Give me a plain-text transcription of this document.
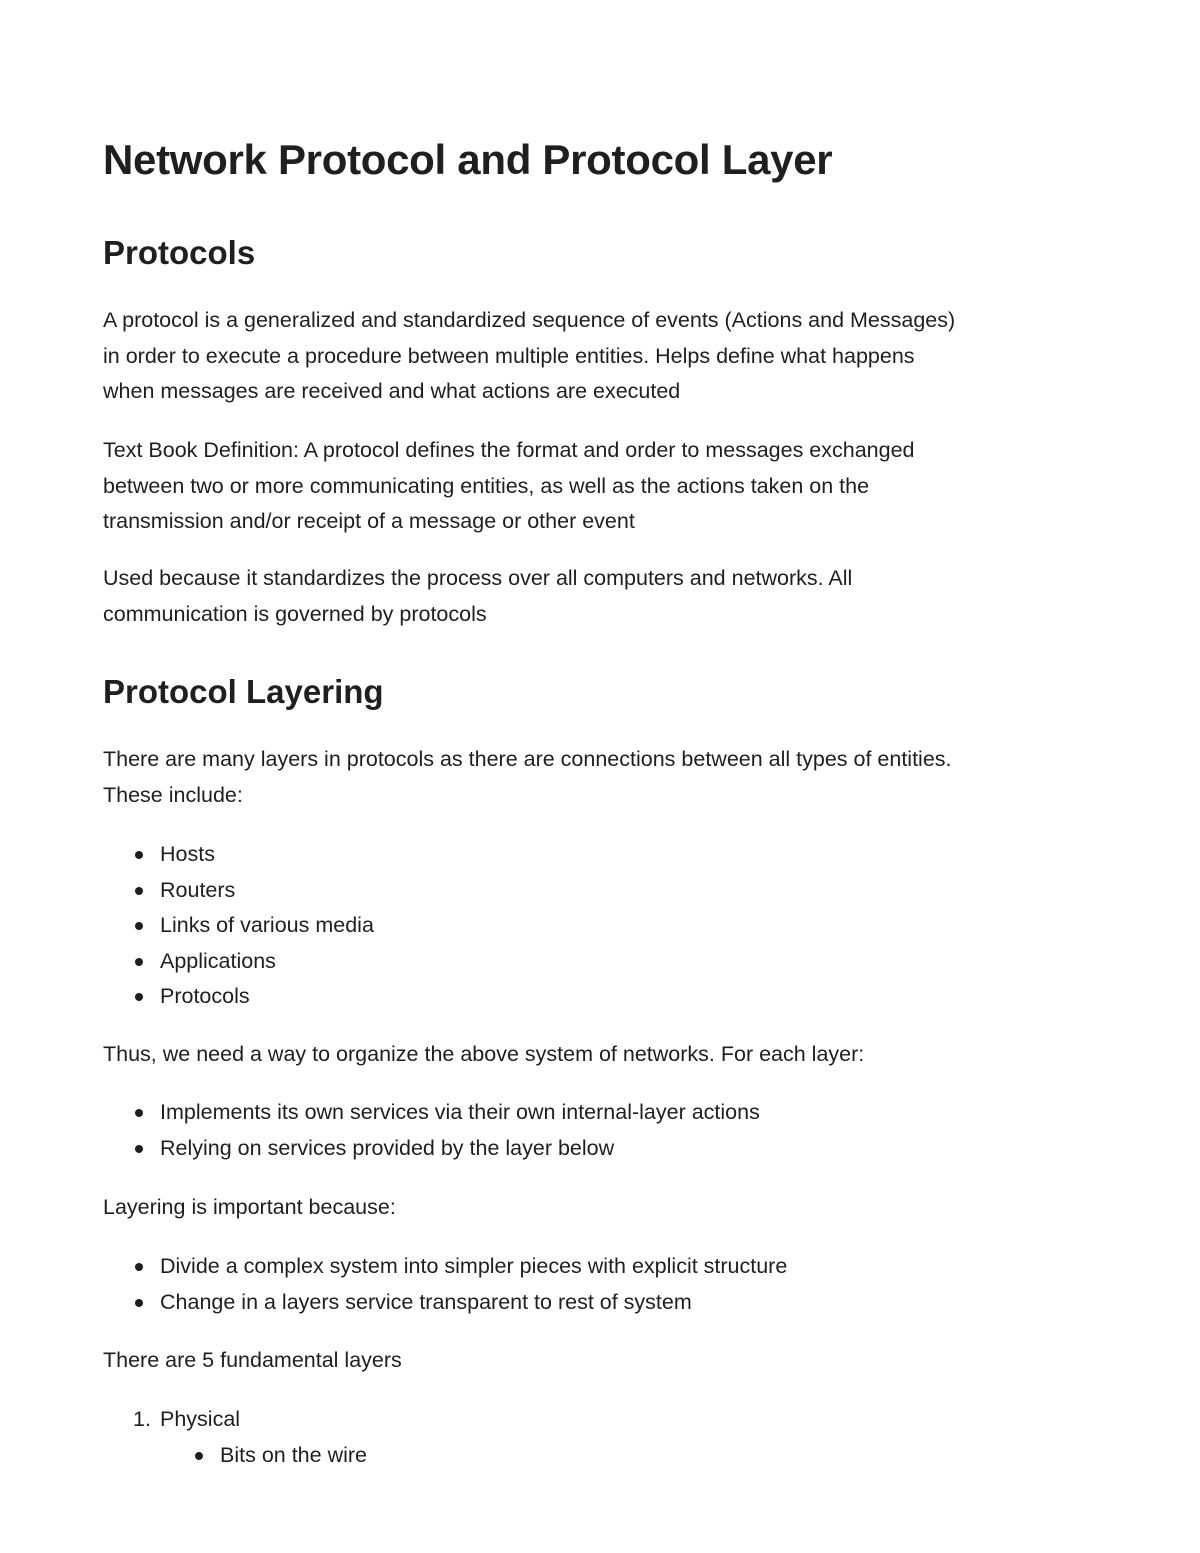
Network Protocol and Protocol Layer
Protocols

A protocol is a generalized and standardized sequence of events (Actions and Messages)
in order to execute a procedure between multiple entities. Helps define what happens
when messages are received and what actions are executed

Text Book Definition: A protocol defines the format and order to messages exchanged
between two or more communicating entities, as well as the actions taken on the
transmission and/or receipt of a message or other event

Used because it standardizes the process over all computers and networks. All
communication is governed by protocols

Protocol Layering

There are many layers in protocols as there are connections between all types of entities.
These include:

Hosts
Routers
Links of various media
Applications
Protocols

Thus, we need a way to organize the above system of networks. For each layer:

Implements its own services via their own internal-layer actions
Relying on services provided by the layer below

Layering is important because:

Divide a complex system into simpler pieces with explicit structure
Change in a layers service transparent to rest of system

There are 5 fundamental layers

1. Physical
Bits on the wire
